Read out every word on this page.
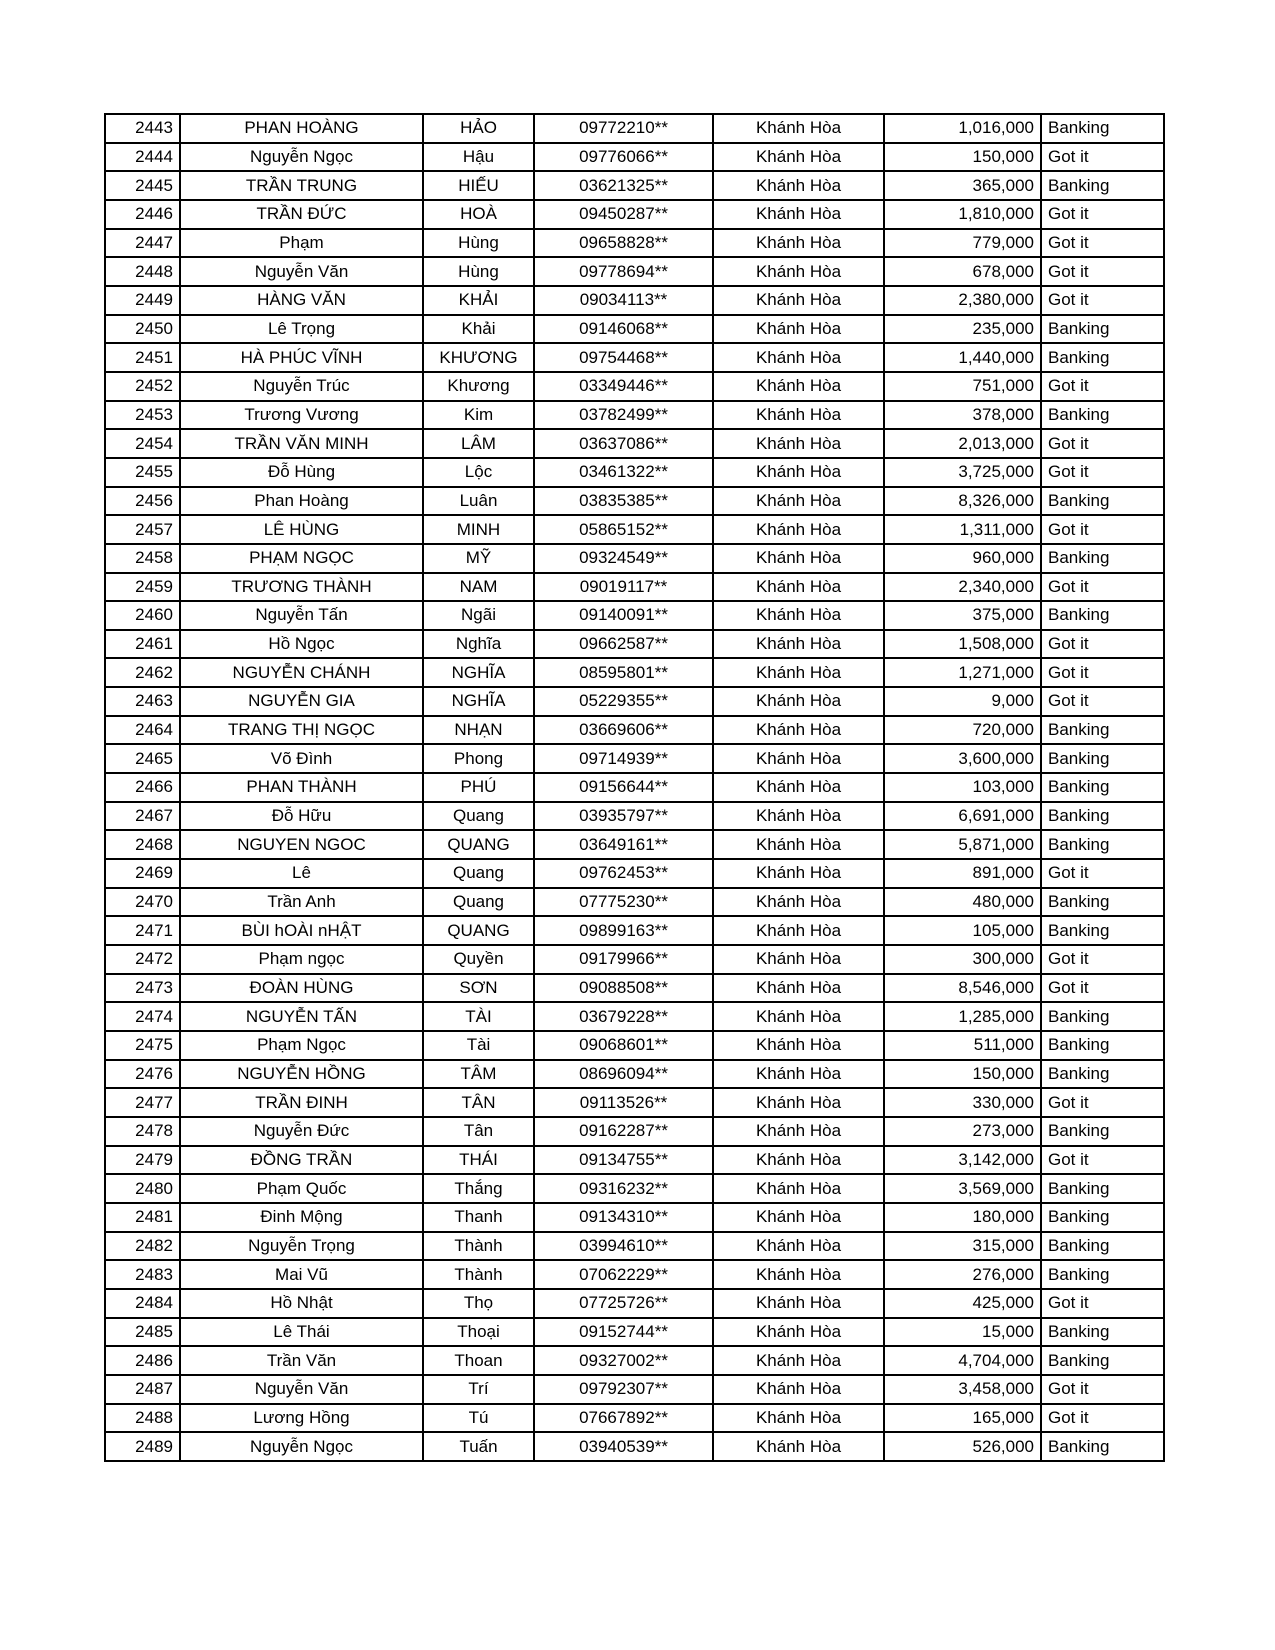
2443	PHAN HOÀNG	HẢO	09772210**	Khánh Hòa	1,016,000	Banking
2444	Nguyễn Ngọc	Hậu	09776066**	Khánh Hòa	150,000	Got it
2445	TRẦN TRUNG	HIẾU	03621325**	Khánh Hòa	365,000	Banking
2446	TRẦN ĐỨC	HOÀ	09450287**	Khánh Hòa	1,810,000	Got it
2447	Phạm	Hùng	09658828**	Khánh Hòa	779,000	Got it
2448	Nguyễn Văn	Hùng	09778694**	Khánh Hòa	678,000	Got it
2449	HÀNG VĂN	KHẢI	09034113**	Khánh Hòa	2,380,000	Got it
2450	Lê Trọng	Khải	09146068**	Khánh Hòa	235,000	Banking
2451	HÀ PHÚC VĨNH	KHƯƠNG	09754468**	Khánh Hòa	1,440,000	Banking
2452	Nguyễn Trúc	Khương	03349446**	Khánh Hòa	751,000	Got it
2453	Trương Vương	Kim	03782499**	Khánh Hòa	378,000	Banking
2454	TRẦN VĂN MINH	LÂM	03637086**	Khánh Hòa	2,013,000	Got it
2455	Đỗ Hùng	Lộc	03461322**	Khánh Hòa	3,725,000	Got it
2456	Phan Hoàng	Luân	03835385**	Khánh Hòa	8,326,000	Banking
2457	LÊ HÙNG	MINH	05865152**	Khánh Hòa	1,311,000	Got it
2458	PHẠM NGỌC	MỸ	09324549**	Khánh Hòa	960,000	Banking
2459	TRƯƠNG THÀNH	NAM	09019117**	Khánh Hòa	2,340,000	Got it
2460	Nguyễn Tấn	Ngãi	09140091**	Khánh Hòa	375,000	Banking
2461	Hồ Ngọc	Nghĩa	09662587**	Khánh Hòa	1,508,000	Got it
2462	NGUYỄN CHÁNH	NGHĨA	08595801**	Khánh Hòa	1,271,000	Got it
2463	NGUYỄN GIA	NGHĨA	05229355**	Khánh Hòa	9,000	Got it
2464	TRANG THỊ NGỌC	NHẠN	03669606**	Khánh Hòa	720,000	Banking
2465	Võ Đình	Phong	09714939**	Khánh Hòa	3,600,000	Banking
2466	PHAN THÀNH	PHÚ	09156644**	Khánh Hòa	103,000	Banking
2467	Đỗ Hữu	Quang	03935797**	Khánh Hòa	6,691,000	Banking
2468	NGUYEN NGOC	QUANG	03649161**	Khánh Hòa	5,871,000	Banking
2469	Lê	Quang	09762453**	Khánh Hòa	891,000	Got it
2470	Trần Anh	Quang	07775230**	Khánh Hòa	480,000	Banking
2471	BÙI hOÀI nHẬT	QUANG	09899163**	Khánh Hòa	105,000	Banking
2472	Phạm ngọc	Quyền	09179966**	Khánh Hòa	300,000	Got it
2473	ĐOÀN HÙNG	SƠN	09088508**	Khánh Hòa	8,546,000	Got it
2474	NGUYỄN TẤN	TÀI	03679228**	Khánh Hòa	1,285,000	Banking
2475	Phạm Ngọc	Tài	09068601**	Khánh Hòa	511,000	Banking
2476	NGUYỄN HỒNG	TÂM	08696094**	Khánh Hòa	150,000	Banking
2477	TRẦN ĐINH	TÂN	09113526**	Khánh Hòa	330,000	Got it
2478	Nguyễn Đức	Tân	09162287**	Khánh Hòa	273,000	Banking
2479	ĐỒNG TRẦN	THÁI	09134755**	Khánh Hòa	3,142,000	Got it
2480	Phạm Quốc	Thắng	09316232**	Khánh Hòa	3,569,000	Banking
2481	Đinh Mộng	Thanh	09134310**	Khánh Hòa	180,000	Banking
2482	Nguyễn Trọng	Thành	03994610**	Khánh Hòa	315,000	Banking
2483	Mai Vũ	Thành	07062229**	Khánh Hòa	276,000	Banking
2484	Hồ Nhật	Thọ	07725726**	Khánh Hòa	425,000	Got it
2485	Lê Thái	Thoại	09152744**	Khánh Hòa	15,000	Banking
2486	Trần Văn	Thoan	09327002**	Khánh Hòa	4,704,000	Banking
2487	Nguyễn Văn	Trí	09792307**	Khánh Hòa	3,458,000	Got it
2488	Lương Hồng	Tú	07667892**	Khánh Hòa	165,000	Got it
2489	Nguyễn Ngọc	Tuấn	03940539**	Khánh Hòa	526,000	Banking
